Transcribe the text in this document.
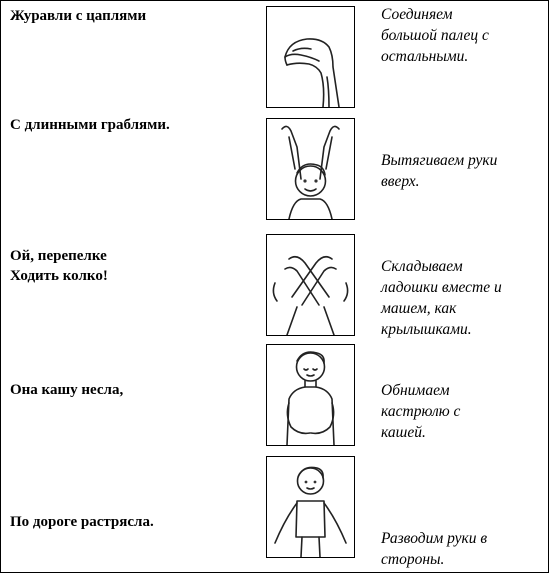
Журавли с цаплями	Соединяем
большой палец с
остальными.
С длинными граблями.
Вытягиваем руки
вверх.
Ой, перепелке
Ходить колко!
Складываем
ладошки вместе и
машем, как
крылышками.
Она кашу несла,	Обнимаем
кастрюлю с
кашей.
По дороге растрясла.
Разводим руки в
стороны.
